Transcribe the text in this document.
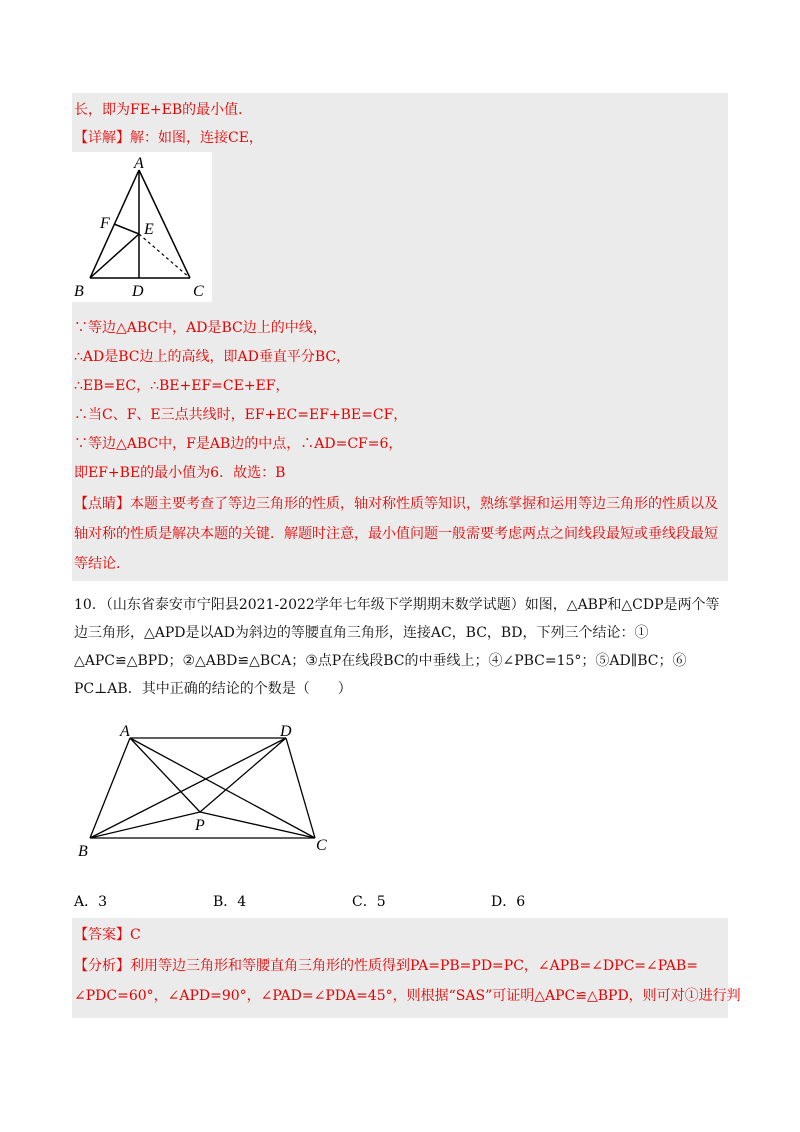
长，即为FE+EB的最小值．
【详解】解：如图，连接CE，
A
F E
B	D	C
∵等边△ABC中，AD是BC边上的中线，
∴AD是BC边上的高线，即AD垂直平分BC，
∴EB=EC，∴BE+EF=CE+EF，
∴当C、F、E三点共线时，EF+EC=EF+BE=CF，
∵等边△ABC中，F是AB边的中点，∴AD=CF=6，
即EF+BE的最小值为6．故选：B
【点睛】本题主要考查了等边三角形的性质，轴对称性质等知识，熟练掌握和运用等边三角形的性质以及
轴对称的性质是解决本题的关键．解题时注意，最小值问题一般需要考虑两点之间线段最短或垂线段最短
等结论.
10．（山东省泰安市宁阳县2021-2022学年七年级下学期期末数学试题）如图，△ABP和△CDP是两个等
边三角形，△APD是以AD为斜边的等腰直角三角形，连接AC，BC，BD，下列三个结论：①
△APC≌△BPD；②△ABD≌△BCA；③点P在线段BC的中垂线上；④∠PBC=15°；⑤AD∥BC；⑥
PC⊥AB．其中正确的结论的个数是（　　）
A	D
P
B	C
A．3	B．4	C．5	D．6
【答案】C
【分析】利用等边三角形和等腰直角三角形的性质得到PA=PB=PD=PC，∠APB=∠DPC=∠PAB=
∠PDC=60°，∠APD=90°，∠PAD=∠PDA=45°，则根据“SAS”可证明△APC≌△BPD，则可对①进行判
